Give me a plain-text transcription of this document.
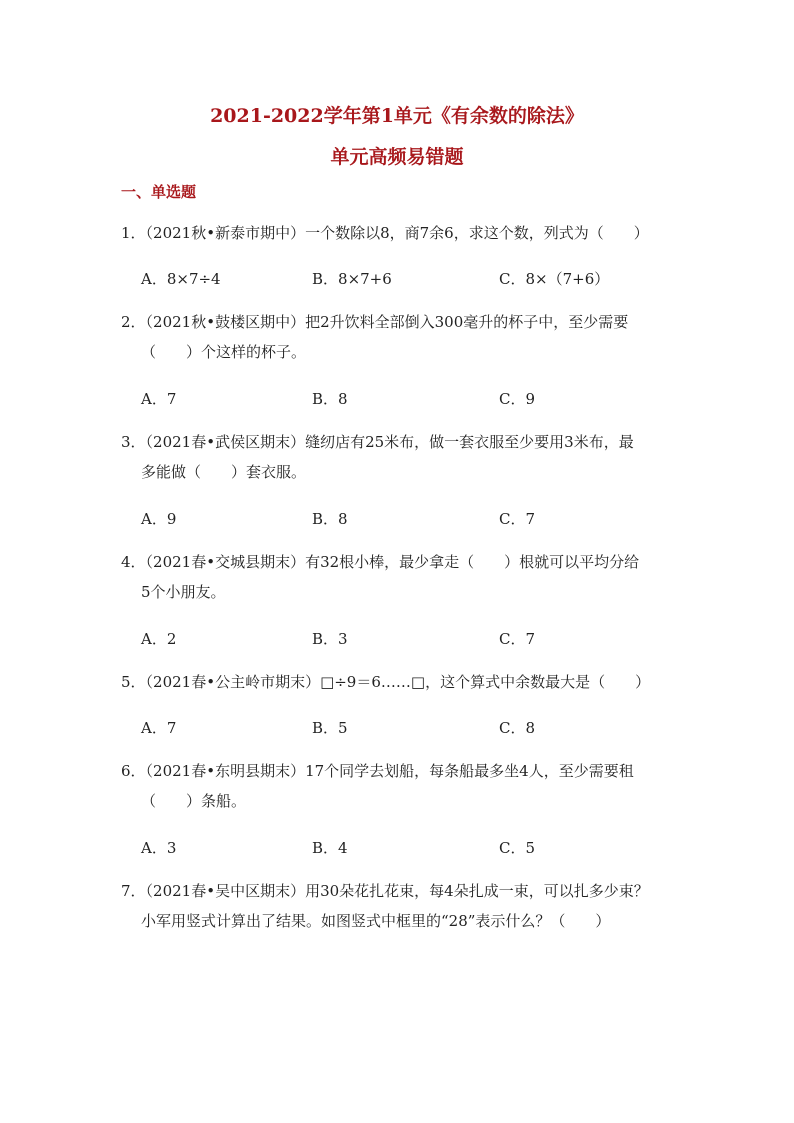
2021-2022学年第1单元《有余数的除法》
单元高频易错题
一、单选题
1．（2021秋•新泰市期中）一个数除以8，商7余6，求这个数，列式为（　　）
A．8×7÷4	B．8×7+6	C．8×（7+6）
2．（2021秋•鼓楼区期中）把2升饮料全部倒入300毫升的杯子中，至少需要
（　　）个这样的杯子。
A．7	B．8	C．9
3．（2021春•武侯区期末）缝纫店有25米布，做一套衣服至少要用3米布，最
多能做（　　）套衣服。
A．9	B．8	C．7
4．（2021春•交城县期末）有32根小棒，最少拿走（　　）根就可以平均分给
5个小朋友。
A．2	B．3	C．7
5．（2021春•公主岭市期末）□÷9＝6……□，这个算式中余数最大是（　　）
A．7	B．5	C．8
6．（2021春•东明县期末）17个同学去划船，每条船最多坐4人，至少需要租
（　　）条船。
A．3	B．4	C．5
7．（2021春•吴中区期末）用30朵花扎花束，每4朵扎成一束，可以扎多少束？
小军用竖式计算出了结果。如图竖式中框里的“28”表示什么？（　　）
